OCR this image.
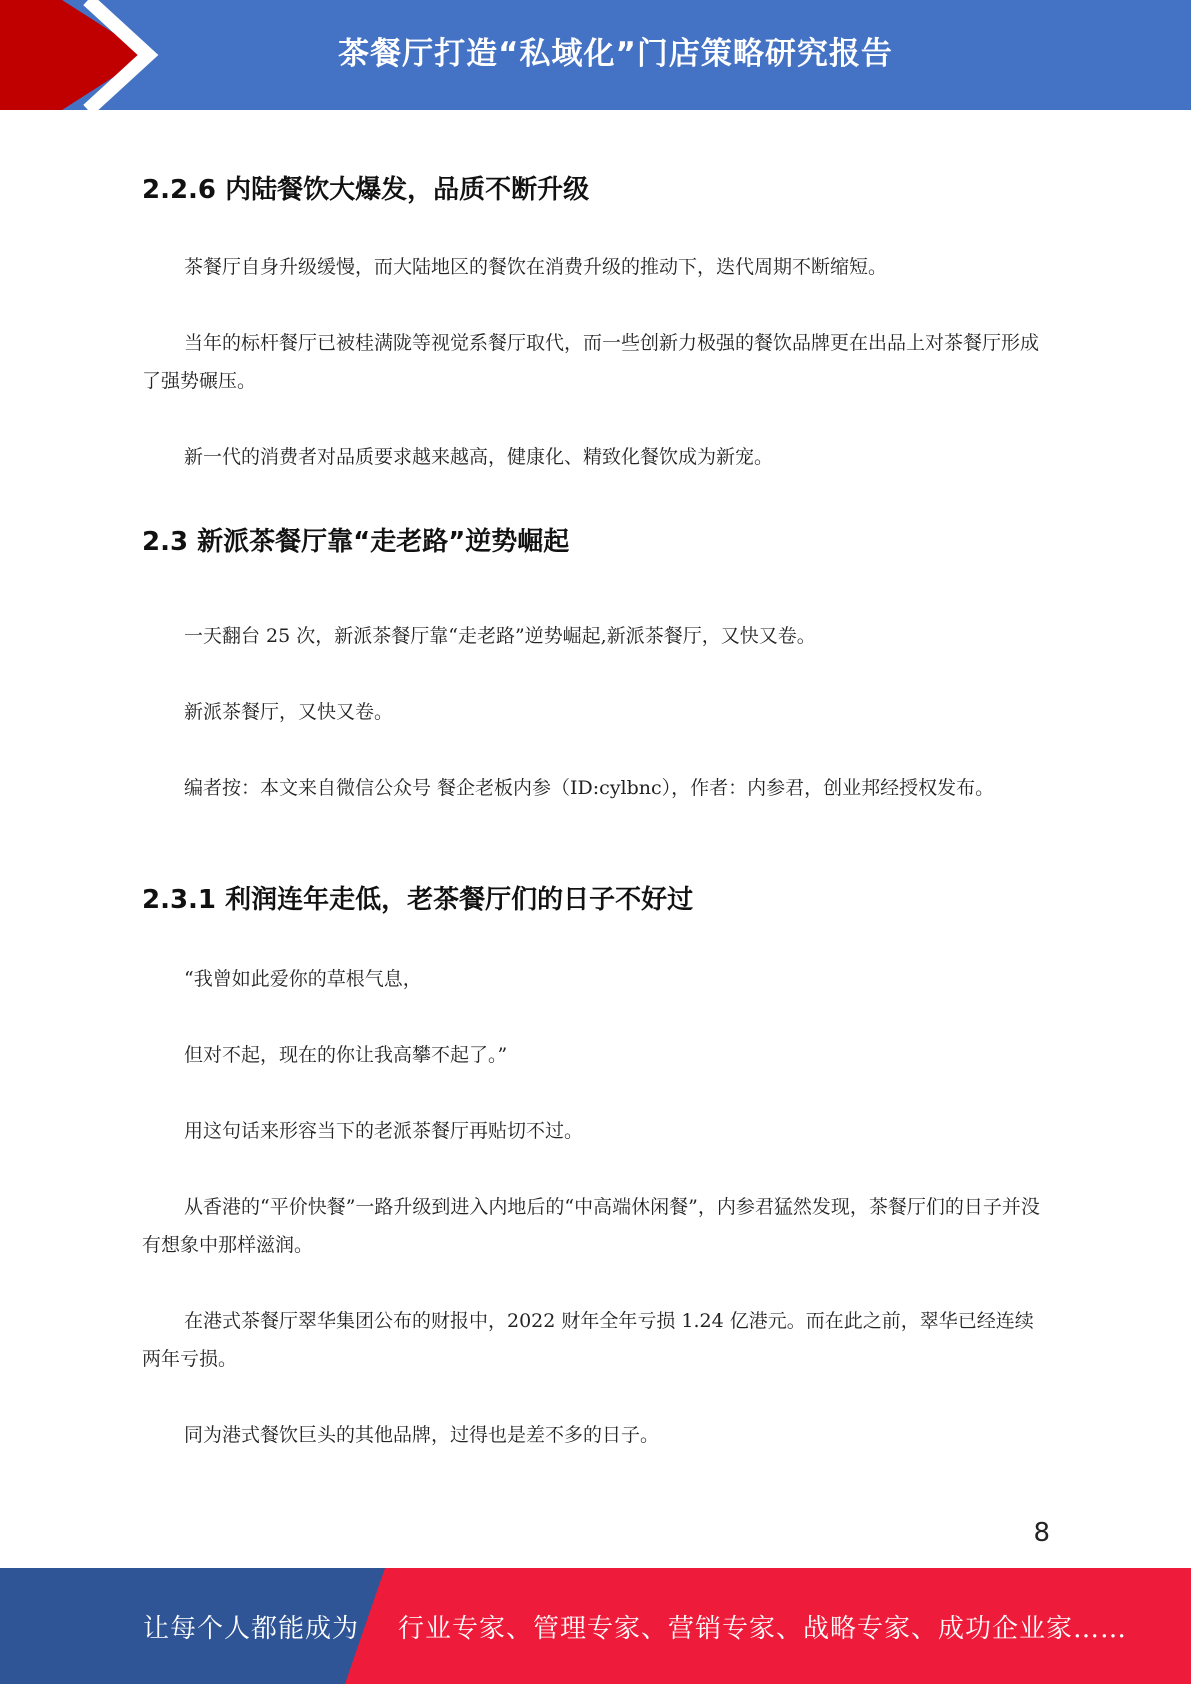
茶餐厅打造“私域化”门店策略研究报告
2.2.6 内陆餐饮大爆发，品质不断升级

茶餐厅自身升级缓慢，而大陆地区的餐饮在消费升级的推动下，迭代周期不断缩短。

当年的标杆餐厅已被桂满陇等视觉系餐厅取代，而一些创新力极强的餐饮品牌更在出品上对茶餐厅形成了强势碾压。

新一代的消费者对品质要求越来越高，健康化、精致化餐饮成为新宠。

2.3 新派茶餐厅靠“走老路”逆势崛起

一天翻台 25 次，新派茶餐厅靠“走老路”逆势崛起,新派茶餐厅，又快又卷。

新派茶餐厅，又快又卷。

编者按：本文来自微信公众号 餐企老板内参（ID:cylbnc），作者：内参君，创业邦经授权发布。

2.3.1 利润连年走低，老茶餐厅们的日子不好过

“我曾如此爱你的草根气息，

但对不起，现在的你让我高攀不起了。”

用这句话来形容当下的老派茶餐厅再贴切不过。

从香港的“平价快餐”一路升级到进入内地后的“中高端休闲餐”，内参君猛然发现，茶餐厅们的日子并没有想象中那样滋润。

在港式茶餐厅翠华集团公布的财报中，2022 财年全年亏损 1.24 亿港元。而在此之前，翠华已经连续两年亏损。

同为港式餐饮巨头的其他品牌，过得也是差不多的日子。

8
让每个人都能成为 行业专家、管理专家、营销专家、战略专家、成功企业家……
